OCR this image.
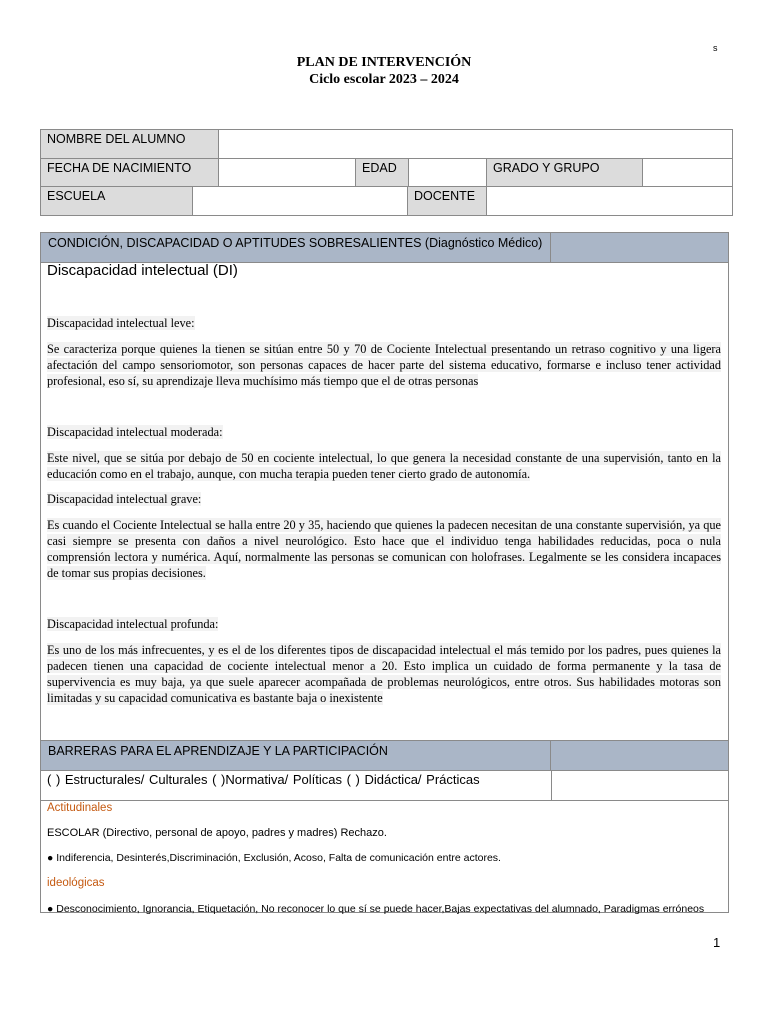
s
PLAN DE INTERVENCIÓN
Ciclo escolar 2023 – 2024
NOMBRE DEL ALUMNO
FECHA DE NACIMIENTO	EDAD	GRADO Y GRUPO
ESCUELA	DOCENTE
CONDICIÓN, DISCAPACIDAD O APTITUDES SOBRESALIENTES (Diagnóstico Médico)
Discapacidad intelectual (DI)
Discapacidad intelectual leve:
Se caracteriza porque quienes la tienen se sitúan entre 50 y 70 de Cociente Intelectual presentando un retraso cognitivo y una ligera afectación del campo sensoriomotor, son personas capaces de hacer parte del sistema educativo, formarse e incluso tener actividad profesional, eso sí, su aprendizaje lleva muchísimo más tiempo que el de otras personas
Discapacidad intelectual moderada:
Este nivel, que se sitúa por debajo de 50 en cociente intelectual, lo que genera la necesidad constante de una supervisión, tanto en la educación como en el trabajo, aunque, con mucha terapia pueden tener cierto grado de autonomía.
Discapacidad intelectual grave:
Es cuando el Cociente Intelectual se halla entre 20 y 35, haciendo que quienes la padecen necesitan de una constante supervisión, ya que casi siempre se presenta con daños a nivel neurológico. Esto hace que el individuo tenga habilidades reducidas, poca o nula comprensión lectora y numérica. Aquí, normalmente las personas se comunican con holofrases. Legalmente se les considera incapaces de tomar sus propias decisiones.
Discapacidad intelectual profunda:
Es uno de los más infrecuentes, y es el de los diferentes tipos de discapacidad intelectual el más temido por los padres, pues quienes la padecen tienen una capacidad de cociente intelectual menor a 20. Esto implica un cuidado de forma permanente y la tasa de supervivencia es muy baja, ya que suele aparecer acompañada de problemas neurológicos, entre otros. Sus habilidades motoras son limitadas y su capacidad comunicativa es bastante baja o inexistente
BARRERAS PARA EL APRENDIZAJE Y LA PARTICIPACIÓN
( ) Estructurales/ Culturales ( )Normativa/ Políticas ( ) Didáctica/ Prácticas
Actitudinales
ESCOLAR (Directivo, personal de apoyo, padres y madres) Rechazo.
● Indiferencia, Desinterés,Discriminación, Exclusión, Acoso, Falta de comunicación entre actores.
ideológicas
● Desconocimiento, Ignorancia, Etiquetación, No reconocer lo que sí se puede hacer,Bajas expectativas del alumnado, Paradigmas erróneos
1
